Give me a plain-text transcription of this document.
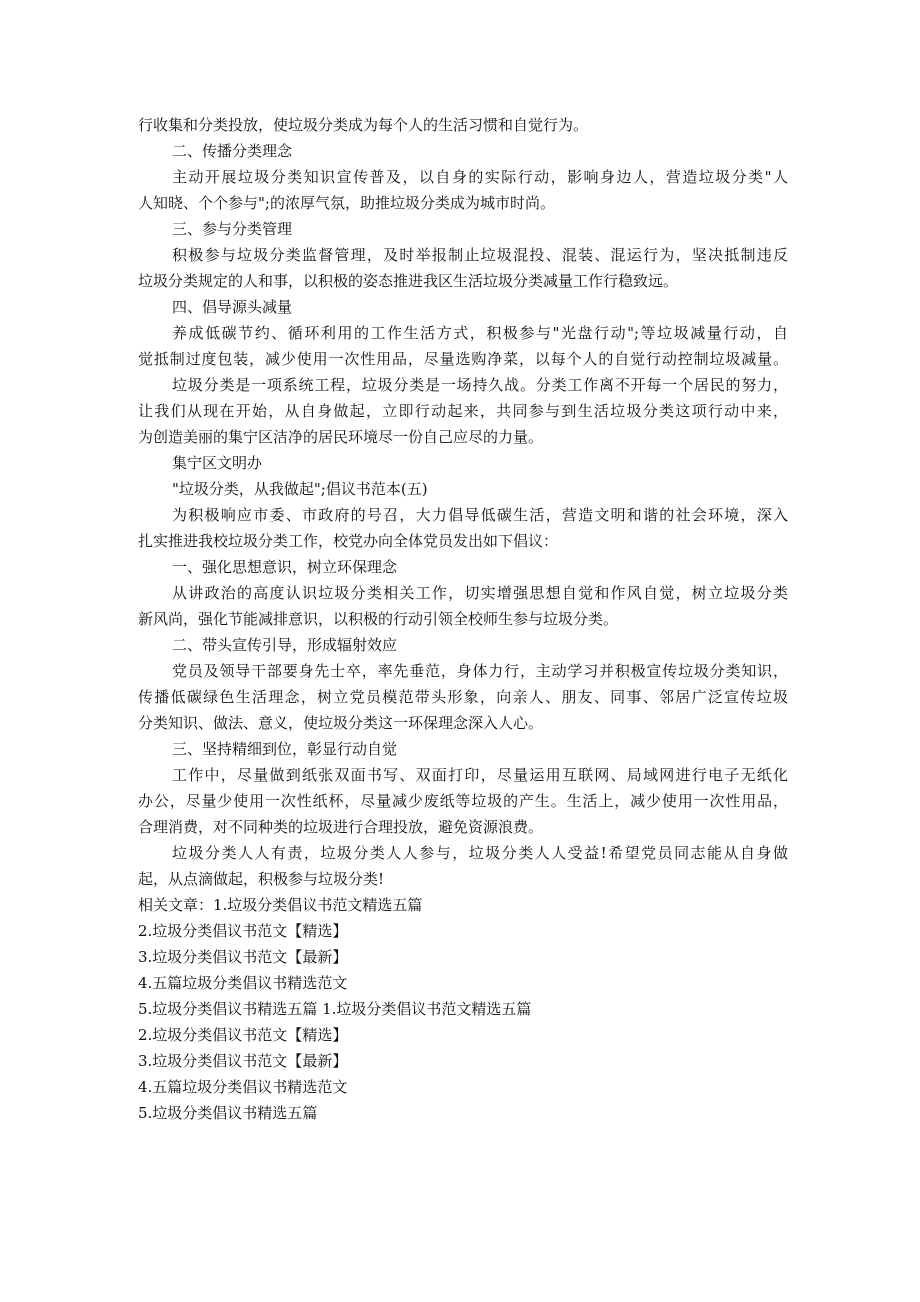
行收集和分类投放，使垃圾分类成为每个人的生活习惯和自觉行为。
二、传播分类理念
主动开展垃圾分类知识宣传普及，以自身的实际行动，影响身边人，营造垃圾分类"人
人知晓、个个参与";的浓厚气氛，助推垃圾分类成为城市时尚。
三、参与分类管理
积极参与垃圾分类监督管理，及时举报制止垃圾混投、混装、混运行为，坚决抵制违反
垃圾分类规定的人和事，以积极的姿态推进我区生活垃圾分类减量工作行稳致远。
四、倡导源头减量
养成低碳节约、循环利用的工作生活方式，积极参与"光盘行动";等垃圾减量行动，自
觉抵制过度包装，减少使用一次性用品，尽量选购净菜，以每个人的自觉行动控制垃圾减量。
垃圾分类是一项系统工程，垃圾分类是一场持久战。分类工作离不开每一个居民的努力，
让我们从现在开始，从自身做起，立即行动起来，共同参与到生活垃圾分类这项行动中来，
为创造美丽的集宁区洁净的居民环境尽一份自己应尽的力量。
集宁区文明办
"垃圾分类，从我做起";倡议书范本(五)
为积极响应市委、市政府的号召，大力倡导低碳生活，营造文明和谐的社会环境，深入
扎实推进我校垃圾分类工作，校党办向全体党员发出如下倡议：
一、强化思想意识，树立环保理念
从讲政治的高度认识垃圾分类相关工作，切实增强思想自觉和作风自觉，树立垃圾分类
新风尚，强化节能减排意识，以积极的行动引领全校师生参与垃圾分类。
二、带头宣传引导，形成辐射效应
党员及领导干部要身先士卒，率先垂范，身体力行，主动学习并积极宣传垃圾分类知识，
传播低碳绿色生活理念，树立党员模范带头形象，向亲人、朋友、同事、邻居广泛宣传垃圾
分类知识、做法、意义，使垃圾分类这一环保理念深入人心。
三、坚持精细到位，彰显行动自觉
工作中，尽量做到纸张双面书写、双面打印，尽量运用互联网、局域网进行电子无纸化
办公，尽量少使用一次性纸杯，尽量减少废纸等垃圾的产生。生活上，减少使用一次性用品，
合理消费，对不同种类的垃圾进行合理投放，避免资源浪费。
垃圾分类人人有责，垃圾分类人人参与，垃圾分类人人受益!希望党员同志能从自身做
起，从点滴做起，积极参与垃圾分类!
相关文章：1.垃圾分类倡议书范文精选五篇
2.垃圾分类倡议书范文【精选】
3.垃圾分类倡议书范文【最新】
4.五篇垃圾分类倡议书精选范文
5.垃圾分类倡议书精选五篇 1.垃圾分类倡议书范文精选五篇
2.垃圾分类倡议书范文【精选】
3.垃圾分类倡议书范文【最新】
4.五篇垃圾分类倡议书精选范文
5.垃圾分类倡议书精选五篇
